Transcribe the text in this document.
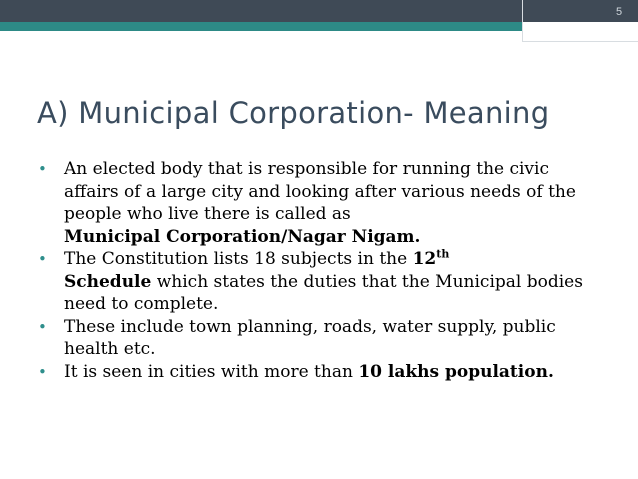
5
A) Municipal Corporation- Meaning
• An elected body that is responsible for running the civic affairs of a large city and looking after various needs of the people who live there is called as
Municipal Corporation/Nagar Nigam.
• The Constitution lists 18 subjects in the 12th
Schedule which states the duties that the Municipal bodies need to complete.
• These include town planning, roads, water supply, public health etc.
• It is seen in cities with more than 10 lakhs population.
